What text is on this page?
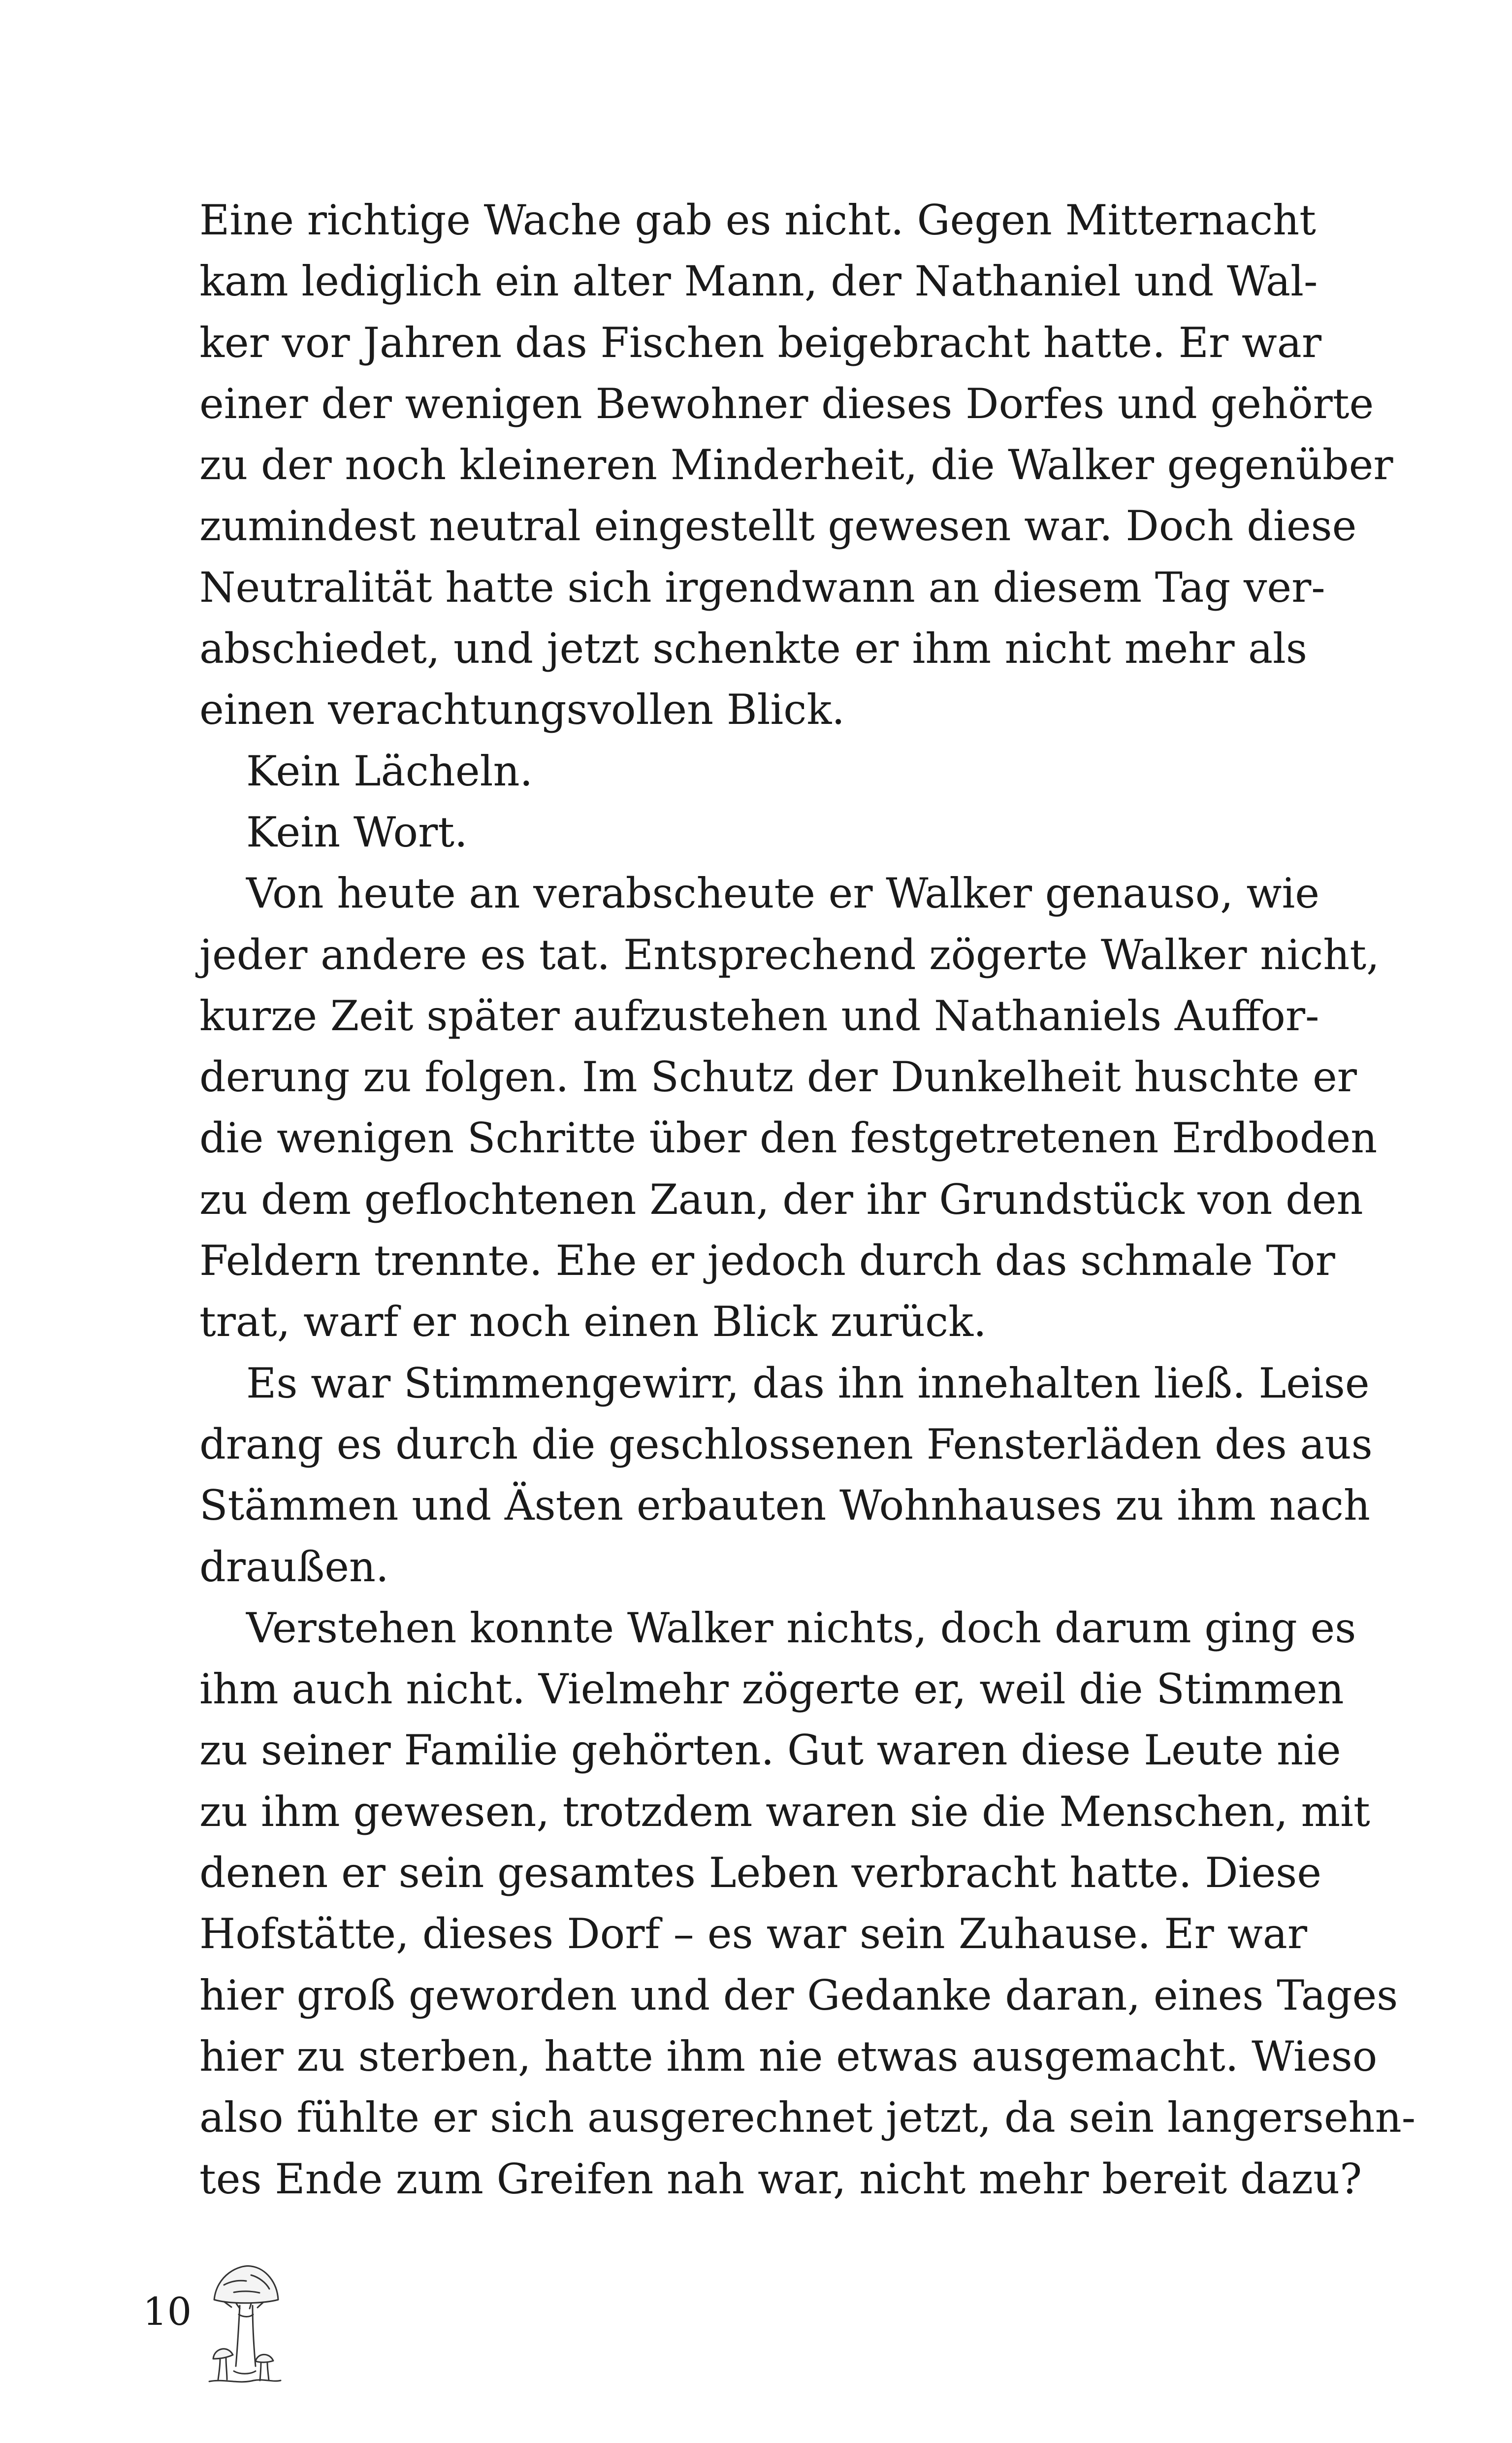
Eine richtige Wache gab es nicht. Gegen Mitternacht
kam lediglich ein alter Mann, der Nathaniel und Wal-
ker vor Jahren das Fischen beigebracht hatte. Er war
einer der wenigen Bewohner dieses Dorfes und gehörte
zu der noch kleineren Minderheit, die Walker gegenüber
zumindest neutral eingestellt gewesen war. Doch diese
Neutralität hatte sich irgendwann an diesem Tag ver-
abschiedet, und jetzt schenkte er ihm nicht mehr als
einen verachtungsvollen Blick.
Kein Lächeln.
Kein Wort.
Von heute an verabscheute er Walker genauso, wie
jeder andere es tat. Entsprechend zögerte Walker nicht,
kurze Zeit später aufzustehen und Nathaniels Auffor-
derung zu folgen. Im Schutz der Dunkelheit huschte er
die wenigen Schritte über den festgetretenen Erdboden
zu dem geflochtenen Zaun, der ihr Grundstück von den
Feldern trennte. Ehe er jedoch durch das schmale Tor
trat, warf er noch einen Blick zurück.
Es war Stimmengewirr, das ihn innehalten ließ. Leise
drang es durch die geschlossenen Fensterläden des aus
Stämmen und Ästen erbauten Wohnhauses zu ihm nach
draußen.
Verstehen konnte Walker nichts, doch darum ging es
ihm auch nicht. Vielmehr zögerte er, weil die Stimmen
zu seiner Familie gehörten. Gut waren diese Leute nie
zu ihm gewesen, trotzdem waren sie die Menschen, mit
denen er sein gesamtes Leben verbracht hatte. Diese
Hofstätte, dieses Dorf – es war sein Zuhause. Er war
hier groß geworden und der Gedanke daran, eines Tages
hier zu sterben, hatte ihm nie etwas ausgemacht. Wieso
also fühlte er sich ausgerechnet jetzt, da sein langersehn-
tes Ende zum Greifen nah war, nicht mehr bereit dazu?
10
